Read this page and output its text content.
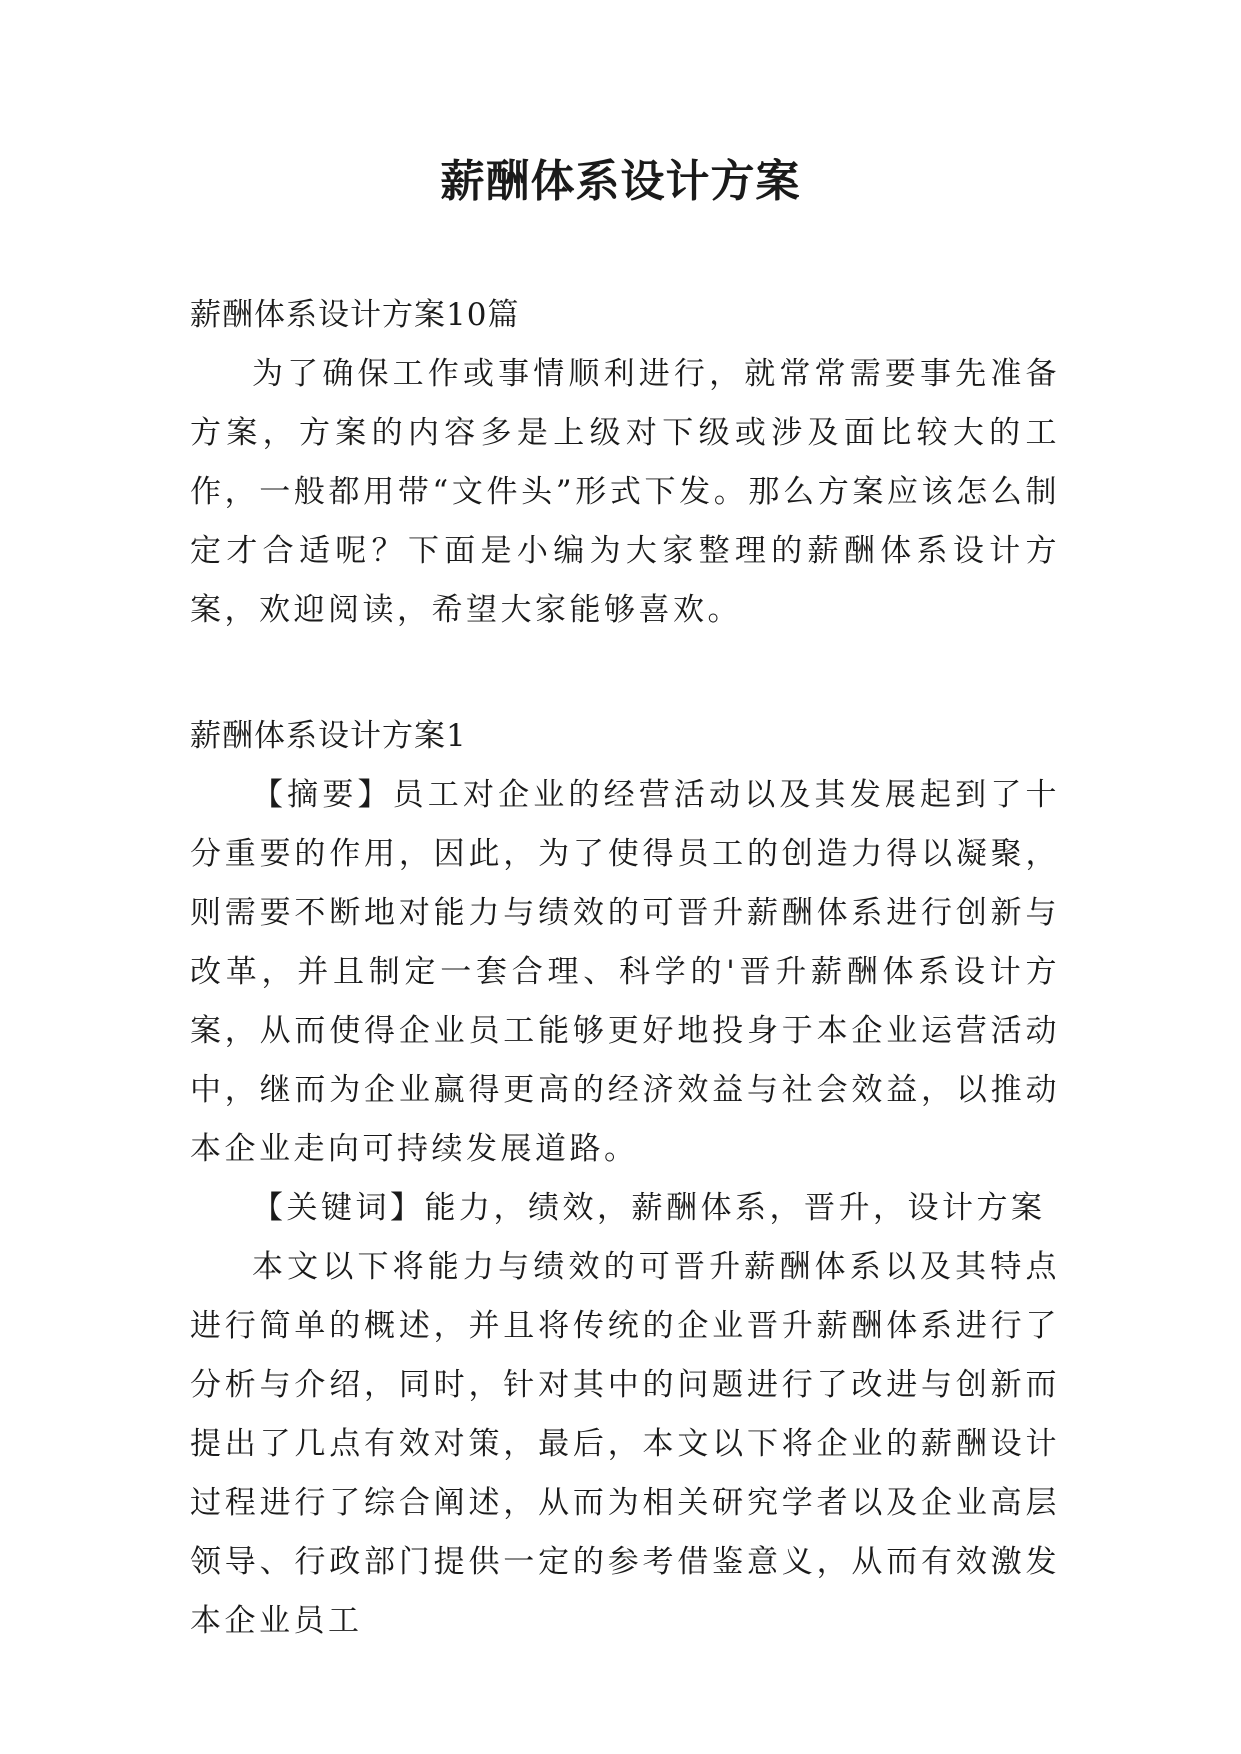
薪酬体系设计方案

薪酬体系设计方案10篇

为了确保工作或事情顺利进行，就常常需要事先准备方案，方案的内容多是上级对下级或涉及面比较大的工作，一般都用带“文件头”形式下发。那么方案应该怎么制定才合适呢？下面是小编为大家整理的薪酬体系设计方案，欢迎阅读，希望大家能够喜欢。

薪酬体系设计方案1

【摘要】员工对企业的经营活动以及其发展起到了十分重要的作用，因此，为了使得员工的创造力得以凝聚，则需要不断地对能力与绩效的可晋升薪酬体系进行创新与改革，并且制定一套合理、科学的'晋升薪酬体系设计方案，从而使得企业员工能够更好地投身于本企业运营活动中，继而为企业赢得更高的经济效益与社会效益，以推动本企业走向可持续发展道路。

【关键词】能力，绩效，薪酬体系，晋升，设计方案

本文以下将能力与绩效的可晋升薪酬体系以及其特点进行简单的概述，并且将传统的企业晋升薪酬体系进行了分析与介绍，同时，针对其中的问题进行了改进与创新而提出了几点有效对策，最后，本文以下将企业的薪酬设计过程进行了综合阐述，从而为相关研究学者以及企业高层领导、行政部门提供一定的参考借鉴意义，从而有效激发本企业员工
